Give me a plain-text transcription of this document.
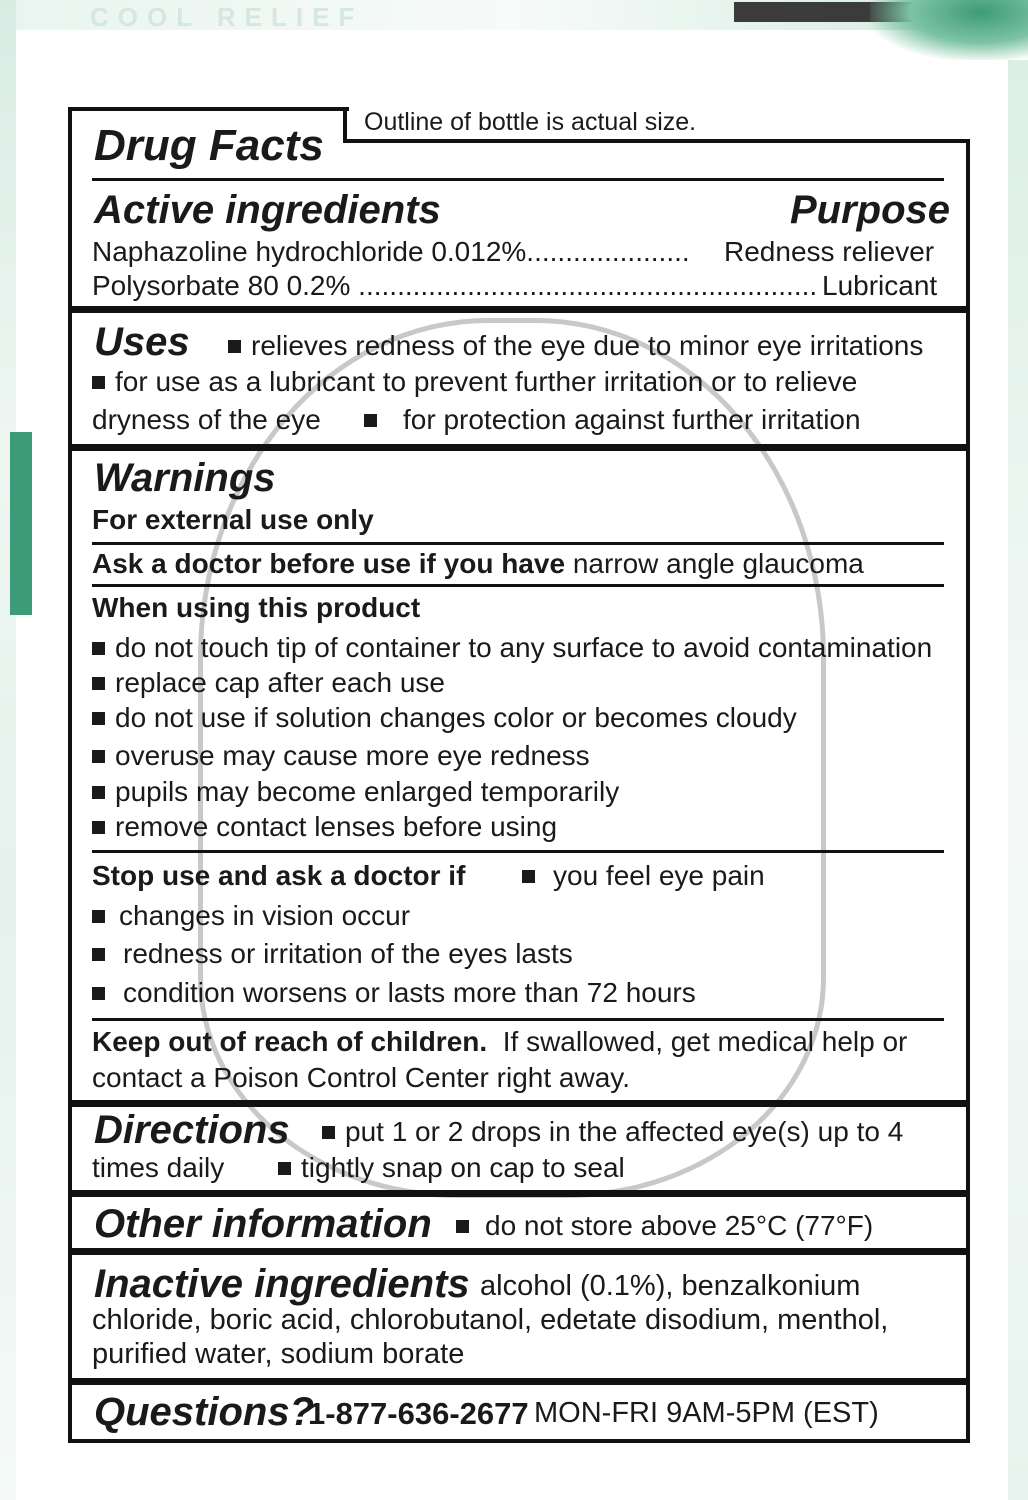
COOL RELIEF
Outline of bottle is actual size.
Drug Facts
Active ingredients	Purpose
Naphazoline hydrochloride 0.012%..................... Redness reliever
Polysorbate 80 0.2% ........................................................... Lubricant
Uses	relieves redness of the eye due to minor eye irritations
for use as a lubricant to prevent further irritation or to relieve
dryness of the eye	for protection against further irritation
Warnings
For external use only
Ask a doctor before use if you have narrow angle glaucoma
When using this product
do not touch tip of container to any surface to avoid contamination
replace cap after each use
do not use if solution changes color or becomes cloudy
overuse may cause more eye redness
pupils may become enlarged temporarily
remove contact lenses before using
Stop use and ask a doctor if	you feel eye pain
changes in vision occur
redness or irritation of the eyes lasts
condition worsens or lasts more than 72 hours
Keep out of reach of children. If swallowed, get medical help or
contact a Poison Control Center right away.
Directions	put 1 or 2 drops in the affected eye(s) up to 4
times daily	tightly snap on cap to seal
Other information	do not store above 25°C (77°F)
Inactive ingredients alcohol (0.1%), benzalkonium
chloride, boric acid, chlorobutanol, edetate disodium, menthol,
purified water, sodium borate
Questions?
1-877-636-2677 MON-FRI 9AM-5PM (EST)
